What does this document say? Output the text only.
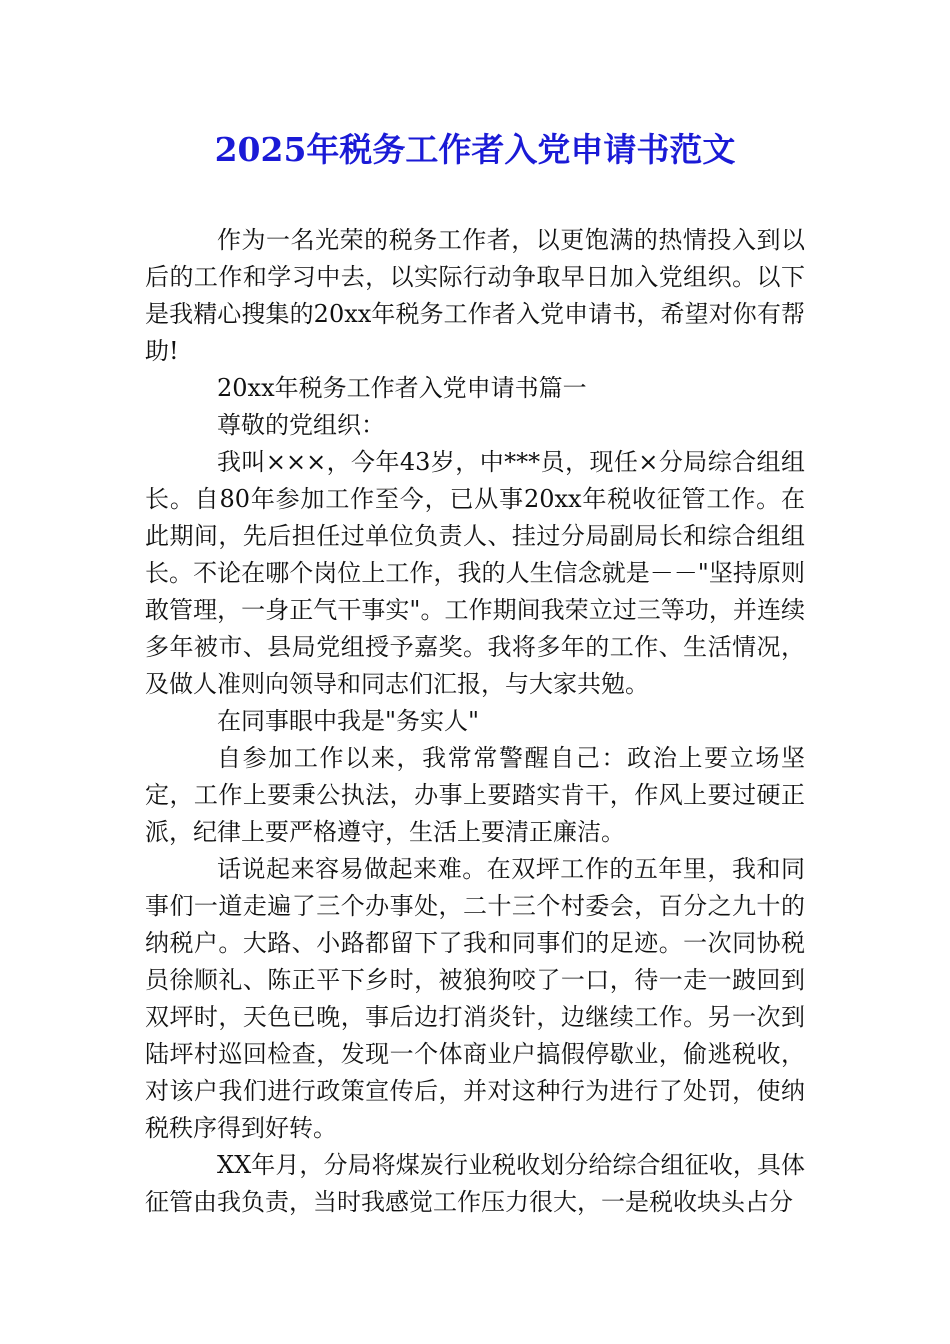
2025年税务工作者入党申请书范文

作为一名光荣的税务工作者，以更饱满的热情投入到以后的工作和学习中去，以实际行动争取早日加入党组织。以下是我精心搜集的20xx年税务工作者入党申请书，希望对你有帮助!

20xx年税务工作者入党申请书篇一

尊敬的党组织：

我叫×××，今年43岁，中***员，现任×分局综合组组长。自80年参加工作至今，已从事20xx年税收征管工作。在此期间，先后担任过单位负责人、挂过分局副局长和综合组组长。不论在哪个岗位上工作，我的人生信念就是－－"坚持原则敢管理，一身正气干事实"。工作期间我荣立过三等功，并连续多年被市、县局党组授予嘉奖。我将多年的工作、生活情况，及做人准则向领导和同志们汇报，与大家共勉。

在同事眼中我是"务实人"

自参加工作以来，我常常警醒自己：政治上要立场坚定，工作上要秉公执法，办事上要踏实肯干，作风上要过硬正派，纪律上要严格遵守，生活上要清正廉洁。

话说起来容易做起来难。在双坪工作的五年里，我和同事们一道走遍了三个办事处，二十三个村委会，百分之九十的纳税户。大路、小路都留下了我和同事们的足迹。一次同协税员徐顺礼、陈正平下乡时，被狼狗咬了一口，待一走一跛回到双坪时，天色已晚，事后边打消炎针，边继续工作。另一次到陆坪村巡回检查，发现一个体商业户搞假停歇业，偷逃税收，对该户我们进行政策宣传后，并对这种行为进行了处罚，使纳税秩序得到好转。

XX年月，分局将煤炭行业税收划分给综合组征收，具体征管由我负责，当时我感觉工作压力很大，一是税收块头占分
